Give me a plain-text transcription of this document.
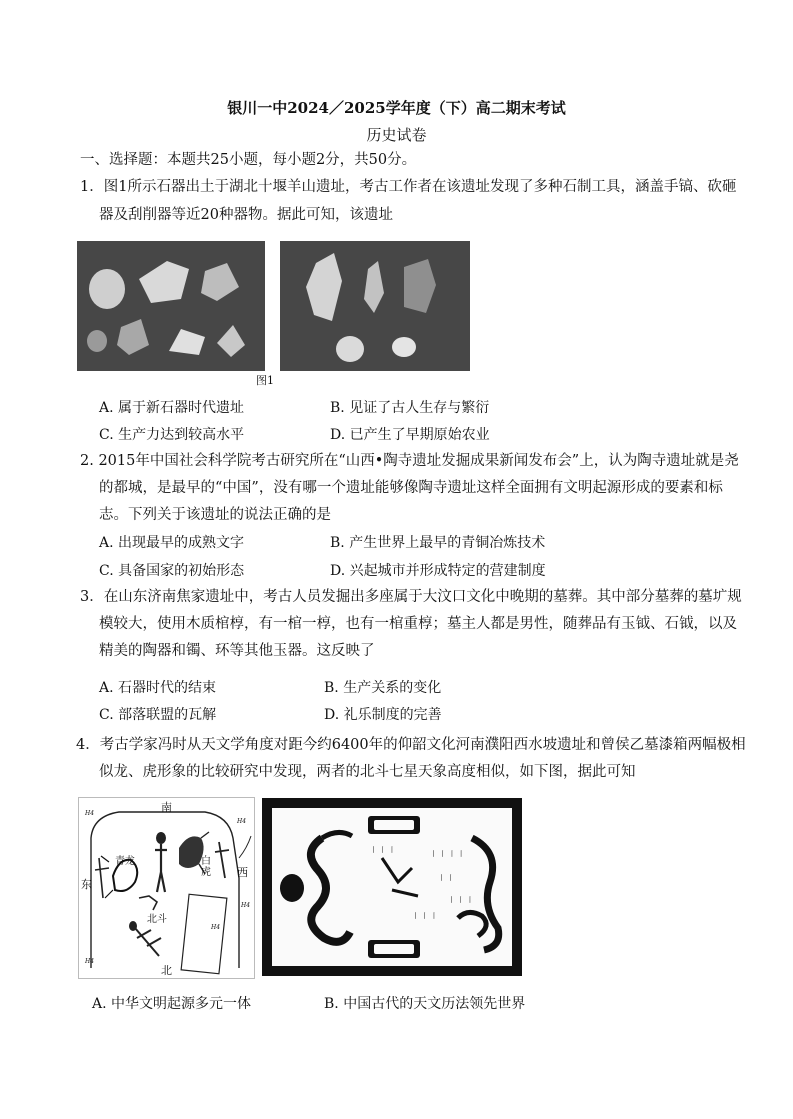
银川一中2024／2025学年度（下）高二期末考试
历史试卷
一、选择题：本题共25小题，每小题2分，共50分。
1．图1所示石器出土于湖北十堰羊山遗址，考古工作者在该遗址发现了多种石制工具，涵盖手镐、砍砸
器及刮削器等近20种器物。据此可知，该遗址
图1
A. 属于新石器时代遗址	B. 见证了古人生存与繁衍
C. 生产力达到较高水平	D. 已产生了早期原始农业
2. 2015年中国社会科学院考古研究所在“山西•陶寺遗址发掘成果新闻发布会”上，认为陶寺遗址就是尧
的都城，是最早的“中国”，没有哪一个遗址能够像陶寺遗址这样全面拥有文明起源形成的要素和标
志。下列关于该遗址的说法正确的是
A. 出现最早的成熟文字	B. 产生世界上最早的青铜冶炼技术
C. 具备国家的初始形态	D. 兴起城市并形成特定的营建制度
3．在山东济南焦家遗址中，考古人员发掘出多座属于大汶口文化中晚期的墓葬。其中部分墓葬的墓圹规
模较大，使用木质棺椁，有一棺一椁，也有一棺重椁；墓主人都是男性，随葬品有玉钺、石钺，以及
精美的陶器和镯、环等其他玉器。这反映了
A. 石器时代的结束	B. 生产关系的变化
C. 部落联盟的瓦解	D. 礼乐制度的完善
4．考古学家冯时从天文学角度对距今约6400年的仰韶文化河南濮阳西水坡遗址和曾侯乙墓漆箱两幅极相
似龙、虎形象的比较研究中发现，两者的北斗七星天象高度相似，如下图，据此可知
南
北
东
西
青龙	白虎
北斗
H4
H4
H4
H4
H4
丨 丨 丨	丨 丨 丨 丨
丨 丨
丨 丨 丨
丨 丨 丨
A. 中华文明起源多元一体	B. 中国古代的天文历法领先世界
